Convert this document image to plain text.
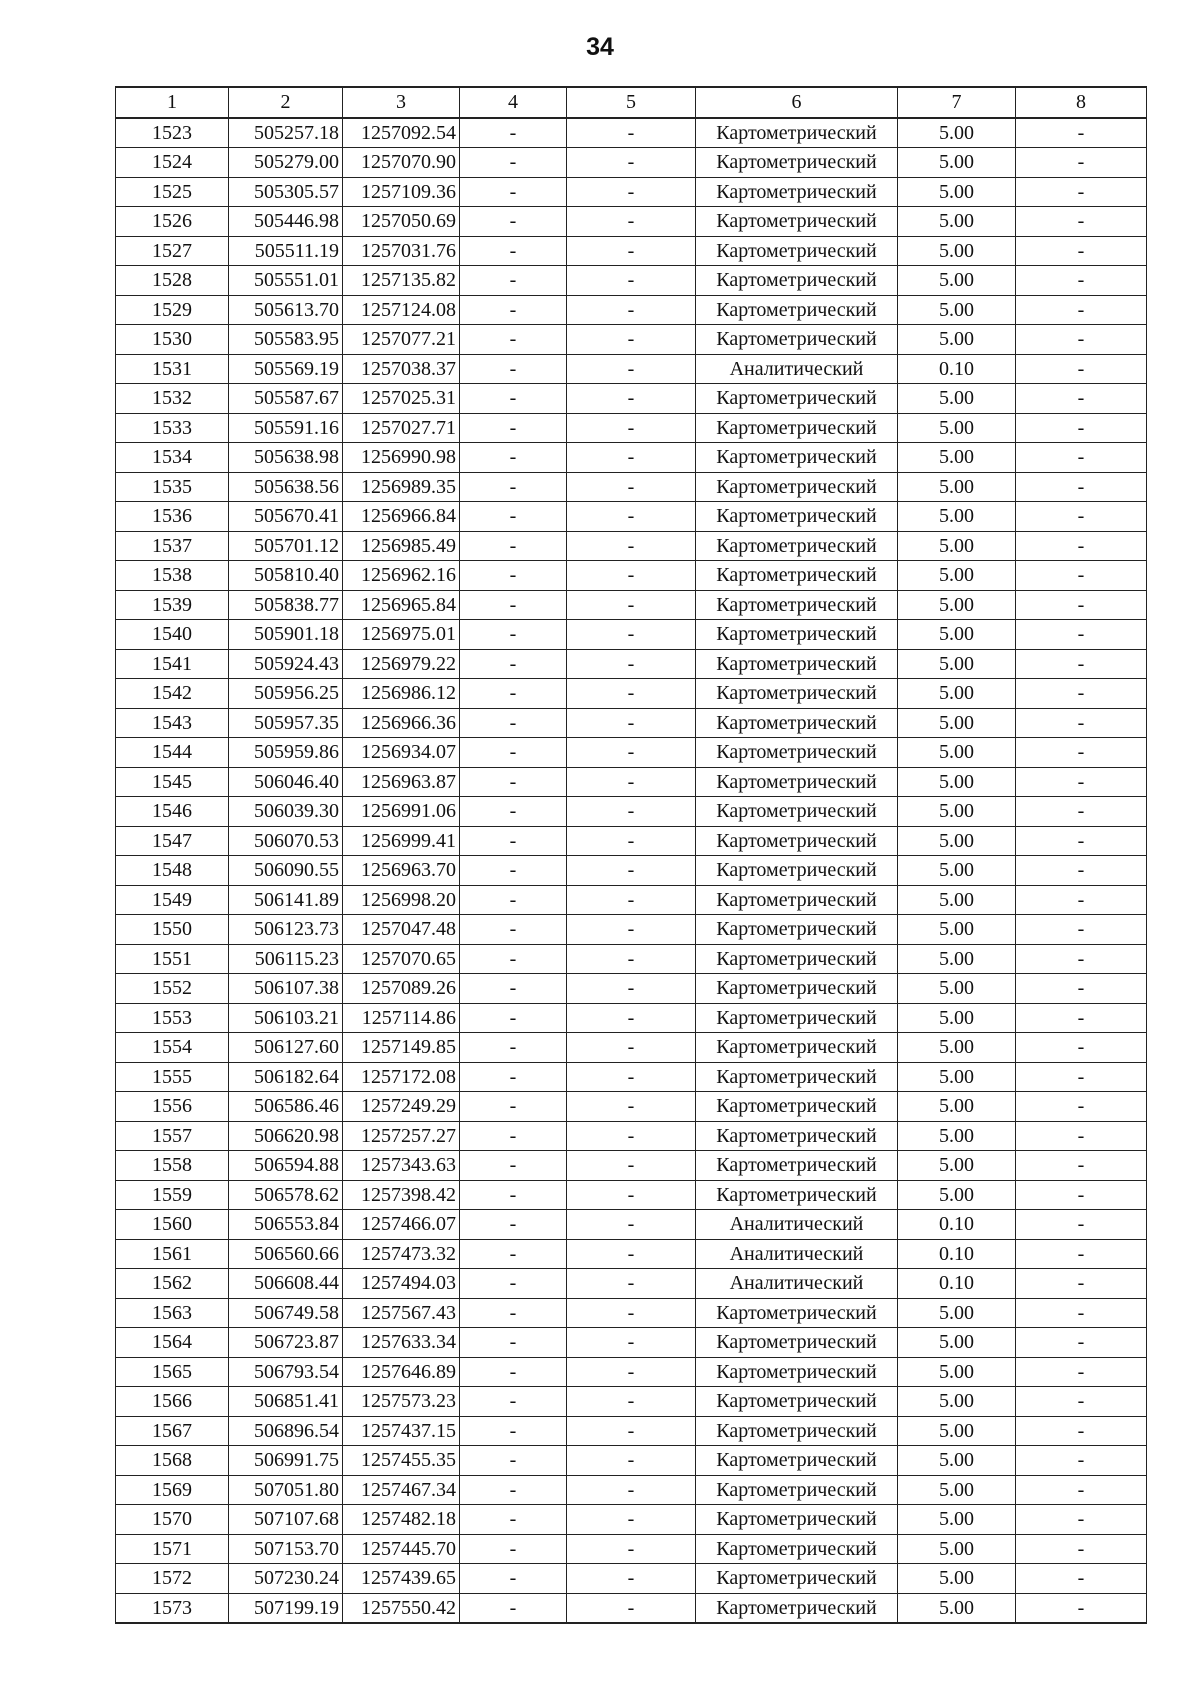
34
1	2	3	4	5	6	7	8
1523	505257.18	1257092.54	-	-	Картометрический	5.00	-
1524	505279.00	1257070.90	-	-	Картометрический	5.00	-
1525	505305.57	1257109.36	-	-	Картометрический	5.00	-
1526	505446.98	1257050.69	-	-	Картометрический	5.00	-
1527	505511.19	1257031.76	-	-	Картометрический	5.00	-
1528	505551.01	1257135.82	-	-	Картометрический	5.00	-
1529	505613.70	1257124.08	-	-	Картометрический	5.00	-
1530	505583.95	1257077.21	-	-	Картометрический	5.00	-
1531	505569.19	1257038.37	-	-	Аналитический	0.10	-
1532	505587.67	1257025.31	-	-	Картометрический	5.00	-
1533	505591.16	1257027.71	-	-	Картометрический	5.00	-
1534	505638.98	1256990.98	-	-	Картометрический	5.00	-
1535	505638.56	1256989.35	-	-	Картометрический	5.00	-
1536	505670.41	1256966.84	-	-	Картометрический	5.00	-
1537	505701.12	1256985.49	-	-	Картометрический	5.00	-
1538	505810.40	1256962.16	-	-	Картометрический	5.00	-
1539	505838.77	1256965.84	-	-	Картометрический	5.00	-
1540	505901.18	1256975.01	-	-	Картометрический	5.00	-
1541	505924.43	1256979.22	-	-	Картометрический	5.00	-
1542	505956.25	1256986.12	-	-	Картометрический	5.00	-
1543	505957.35	1256966.36	-	-	Картометрический	5.00	-
1544	505959.86	1256934.07	-	-	Картометрический	5.00	-
1545	506046.40	1256963.87	-	-	Картометрический	5.00	-
1546	506039.30	1256991.06	-	-	Картометрический	5.00	-
1547	506070.53	1256999.41	-	-	Картометрический	5.00	-
1548	506090.55	1256963.70	-	-	Картометрический	5.00	-
1549	506141.89	1256998.20	-	-	Картометрический	5.00	-
1550	506123.73	1257047.48	-	-	Картометрический	5.00	-
1551	506115.23	1257070.65	-	-	Картометрический	5.00	-
1552	506107.38	1257089.26	-	-	Картометрический	5.00	-
1553	506103.21	1257114.86	-	-	Картометрический	5.00	-
1554	506127.60	1257149.85	-	-	Картометрический	5.00	-
1555	506182.64	1257172.08	-	-	Картометрический	5.00	-
1556	506586.46	1257249.29	-	-	Картометрический	5.00	-
1557	506620.98	1257257.27	-	-	Картометрический	5.00	-
1558	506594.88	1257343.63	-	-	Картометрический	5.00	-
1559	506578.62	1257398.42	-	-	Картометрический	5.00	-
1560	506553.84	1257466.07	-	-	Аналитический	0.10	-
1561	506560.66	1257473.32	-	-	Аналитический	0.10	-
1562	506608.44	1257494.03	-	-	Аналитический	0.10	-
1563	506749.58	1257567.43	-	-	Картометрический	5.00	-
1564	506723.87	1257633.34	-	-	Картометрический	5.00	-
1565	506793.54	1257646.89	-	-	Картометрический	5.00	-
1566	506851.41	1257573.23	-	-	Картометрический	5.00	-
1567	506896.54	1257437.15	-	-	Картометрический	5.00	-
1568	506991.75	1257455.35	-	-	Картометрический	5.00	-
1569	507051.80	1257467.34	-	-	Картометрический	5.00	-
1570	507107.68	1257482.18	-	-	Картометрический	5.00	-
1571	507153.70	1257445.70	-	-	Картометрический	5.00	-
1572	507230.24	1257439.65	-	-	Картометрический	5.00	-
1573	507199.19	1257550.42	-	-	Картометрический	5.00	-
